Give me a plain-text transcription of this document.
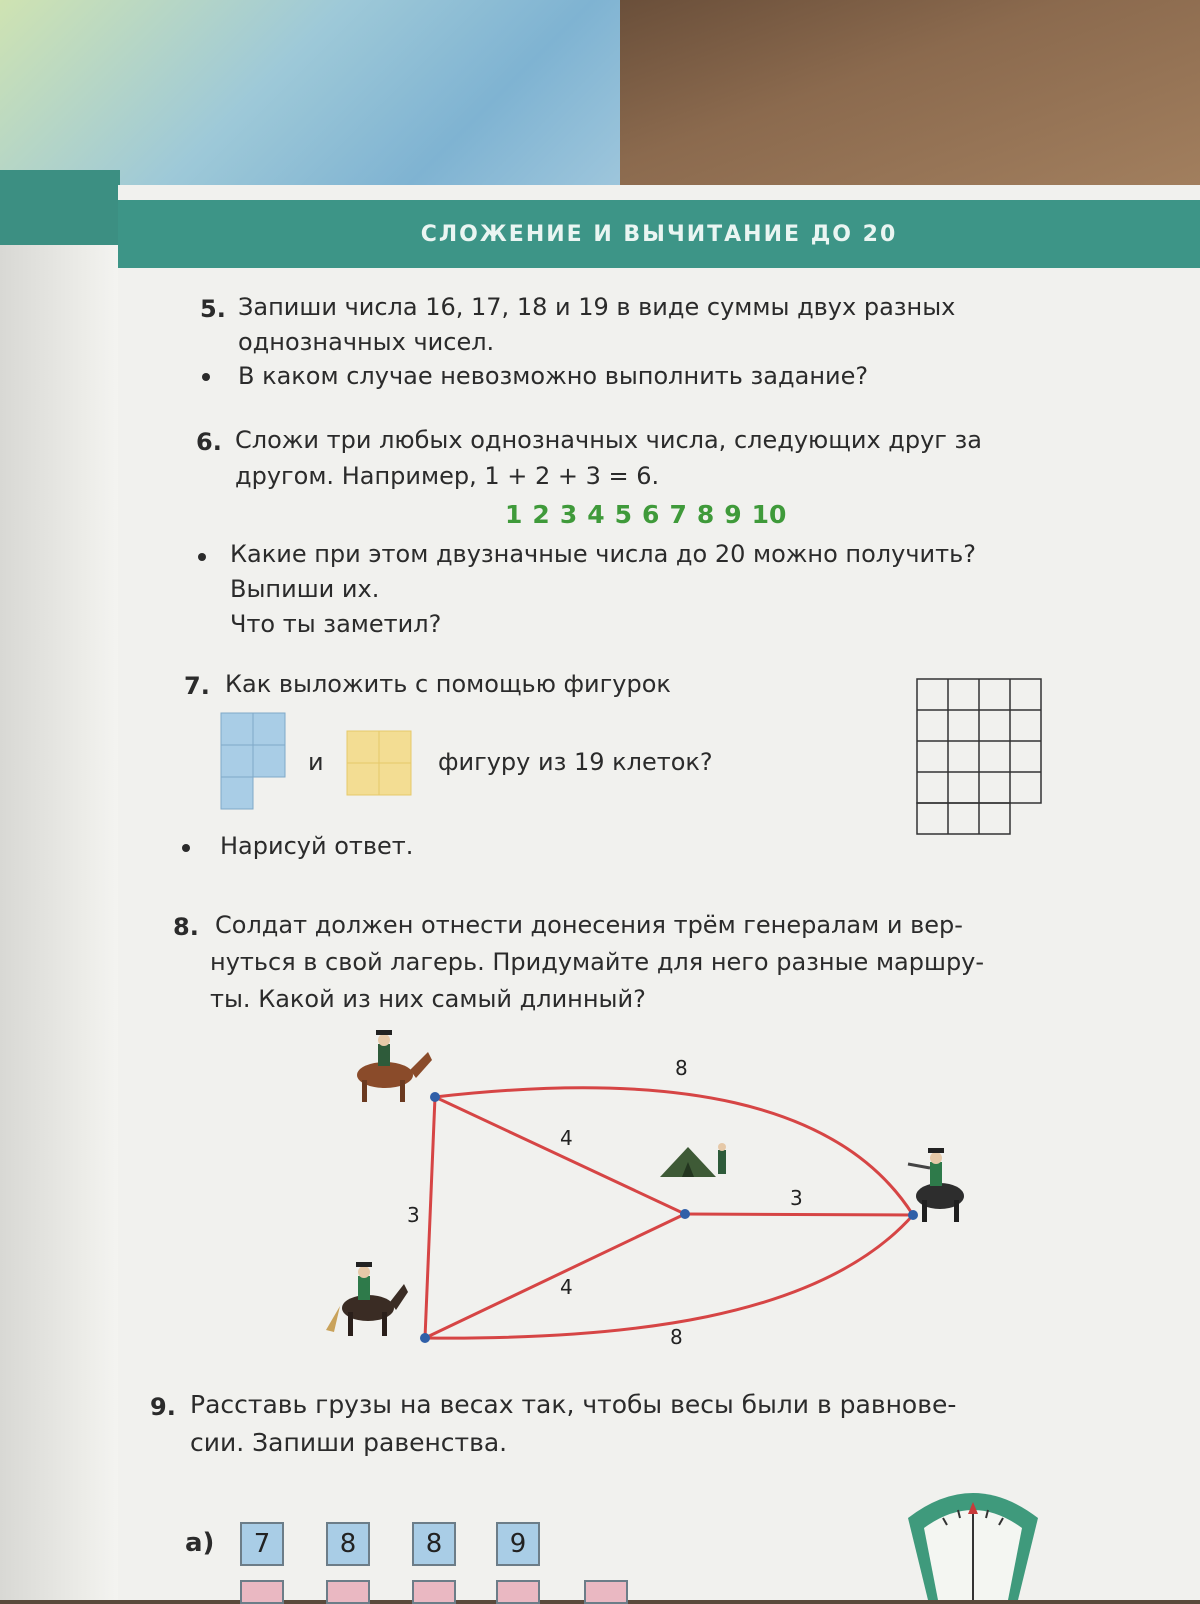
СЛОЖЕНИЕ И ВЫЧИТАНИЕ ДО 20
5. Запиши числа 16, 17, 18 и 19 в виде суммы двух разных
однозначных чисел.
В каком случае невозможно выполнить задание?
6. Сложи три любых однозначных числа, следующих друг за
другом. Например, 1 + 2 + 3 = 6.
1 2 3 4 5 6 7 8 9 10
Какие при этом двузначные числа до 20 можно получить?
Выпиши их.
Что ты заметил?
7. Как выложить с помощью фигурок
и	фигуру из 19 клеток?
Нарисуй ответ.
8. Солдат должен отнести донесения трём генералам и вер-
нуться в свой лагерь. Придумайте для него разные маршру-
ты. Какой из них самый длинный?
8
4
3
3
4
8
9. Расставь грузы на весах так, чтобы весы были в равнове-
сии. Запиши равенства.
а)	7	8	8	9
